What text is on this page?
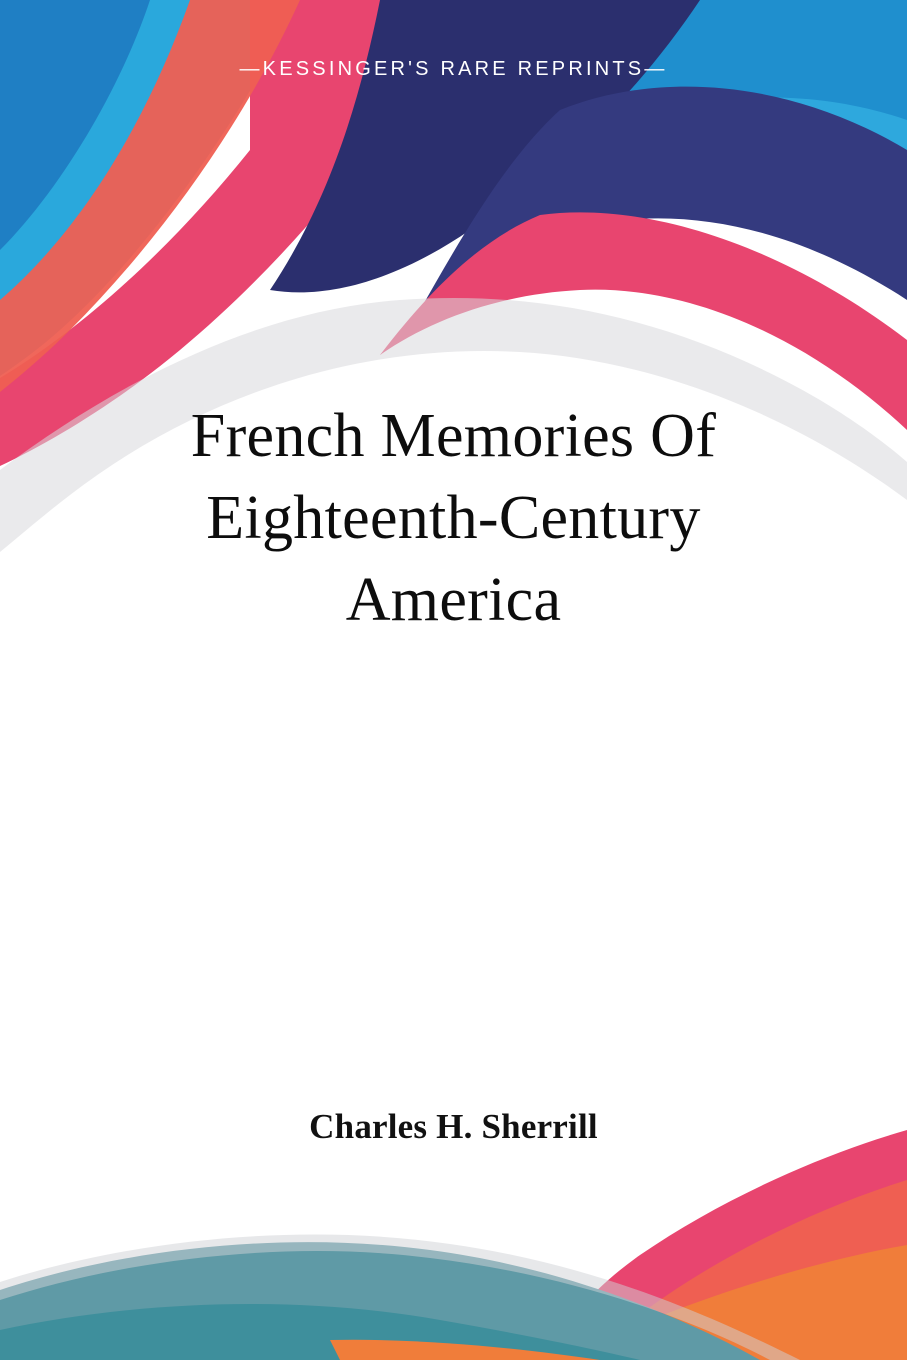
—KESSINGER'S RARE REPRINTS—
French Memories Of
Eighteenth-Century
America
Charles H. Sherrill
